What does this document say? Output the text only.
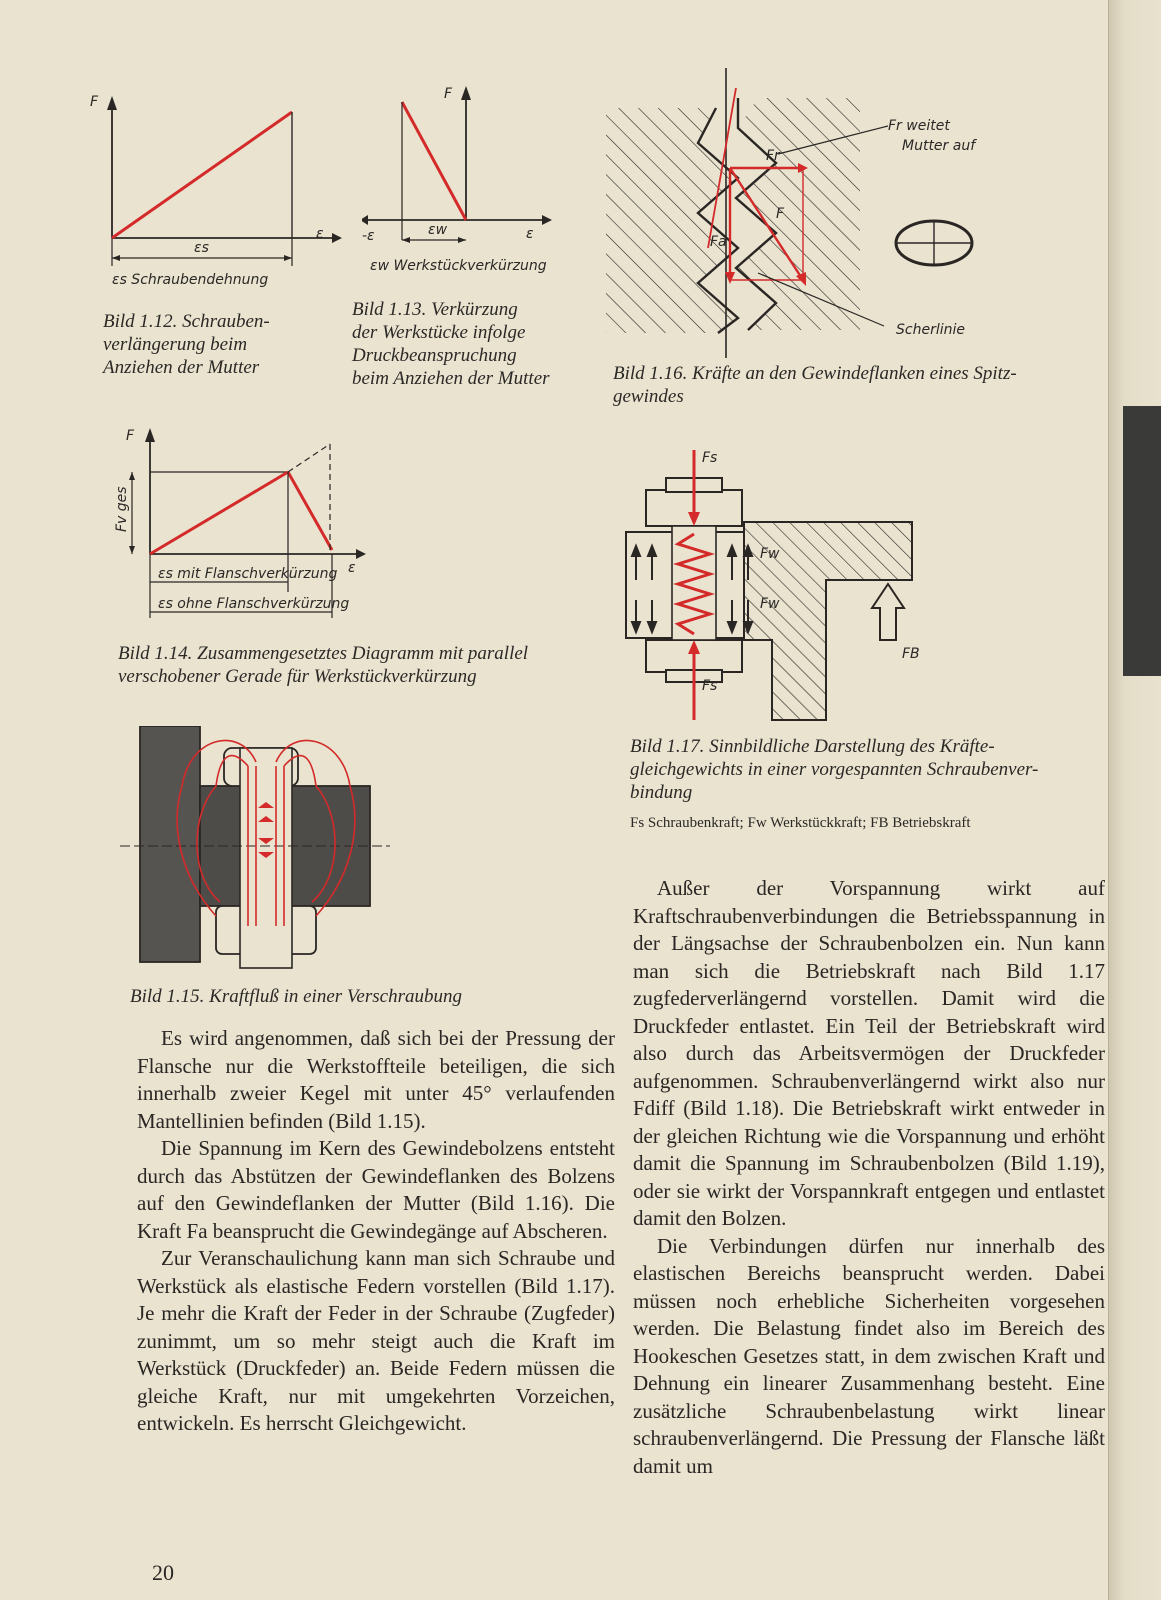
F
ε
εs
εs Schraubendehnung
Bild 1.12. Schrauben-
verlängerung beim
Anziehen der Mutter
F
-ε	ε
εw
εw Werkstückverkürzung
Bild 1.13. Verkürzung
der Werkstücke infolge
Druckbeanspruchung
beim Anziehen der Mutter
Fr weitet
Mutter auf
Scherlinie
Fr
F
Fa
Bild 1.16. Kräfte an den Gewindeflanken eines Spitz-
gewindes
F
Fv ges
ε
εs mit Flanschverkürzung
εs ohne Flanschverkürzung
Bild 1.14. Zusammengesetztes Diagramm mit parallel
verschobener Gerade für Werkstückverkürzung
Fs
Fs
Fw
Fw
FB
Bild 1.17. Sinnbildliche Darstellung des Kräfte-
gleichgewichts in einer vorgespannten Schraubenver-
bindung
Fs Schraubenkraft; Fw Werkstückkraft; FB Betriebskraft
Bild 1.15. Kraftfluß in einer Verschraubung

Es wird angenommen, daß sich bei der Pressung der Flansche nur die Werkstoffteile beteiligen, die sich innerhalb zweier Kegel mit unter 45° verlaufenden Mantellinien befinden (Bild 1.15).

Die Spannung im Kern des Gewindebolzens entsteht durch das Abstützen der Gewindeflanken des Bolzens auf den Gewindeflanken der Mutter (Bild 1.16). Die Kraft Fa beansprucht die Gewindegänge auf Abscheren.

Zur Veranschaulichung kann man sich Schraube und Werkstück als elastische Federn vorstellen (Bild 1.17). Je mehr die Kraft der Feder in der Schraube (Zugfeder) zunimmt, um so mehr steigt auch die Kraft im Werkstück (Druckfeder) an. Beide Federn müssen die gleiche Kraft, nur mit umgekehrten Vorzeichen, entwickeln. Es herrscht Gleichgewicht.

Außer der Vorspannung wirkt auf Kraftschraubenverbindungen die Betriebsspannung in der Längsachse der Schraubenbolzen ein. Nun kann man sich die Betriebskraft nach Bild 1.17 zugfederverlängernd vorstellen. Damit wird die Druckfeder entlastet. Ein Teil der Betriebskraft wird also durch das Arbeitsvermögen der Druckfeder aufgenommen. Schraubenverlängernd wirkt also nur Fdiff (Bild 1.18). Die Betriebskraft wirkt entweder in der gleichen Richtung wie die Vorspannung und erhöht damit die Spannung im Schraubenbolzen (Bild 1.19), oder sie wirkt der Vorspannkraft entgegen und entlastet damit den Bolzen.

Die Verbindungen dürfen nur innerhalb des elastischen Bereichs beansprucht werden. Dabei müssen noch erhebliche Sicherheiten vorgesehen werden. Die Belastung findet also im Bereich des Hookeschen Gesetzes statt, in dem zwischen Kraft und Dehnung ein linearer Zusammenhang besteht. Eine zusätzliche Schraubenbelastung wirkt linear schraubenverlängernd. Die Pressung der Flansche läßt damit um

20
